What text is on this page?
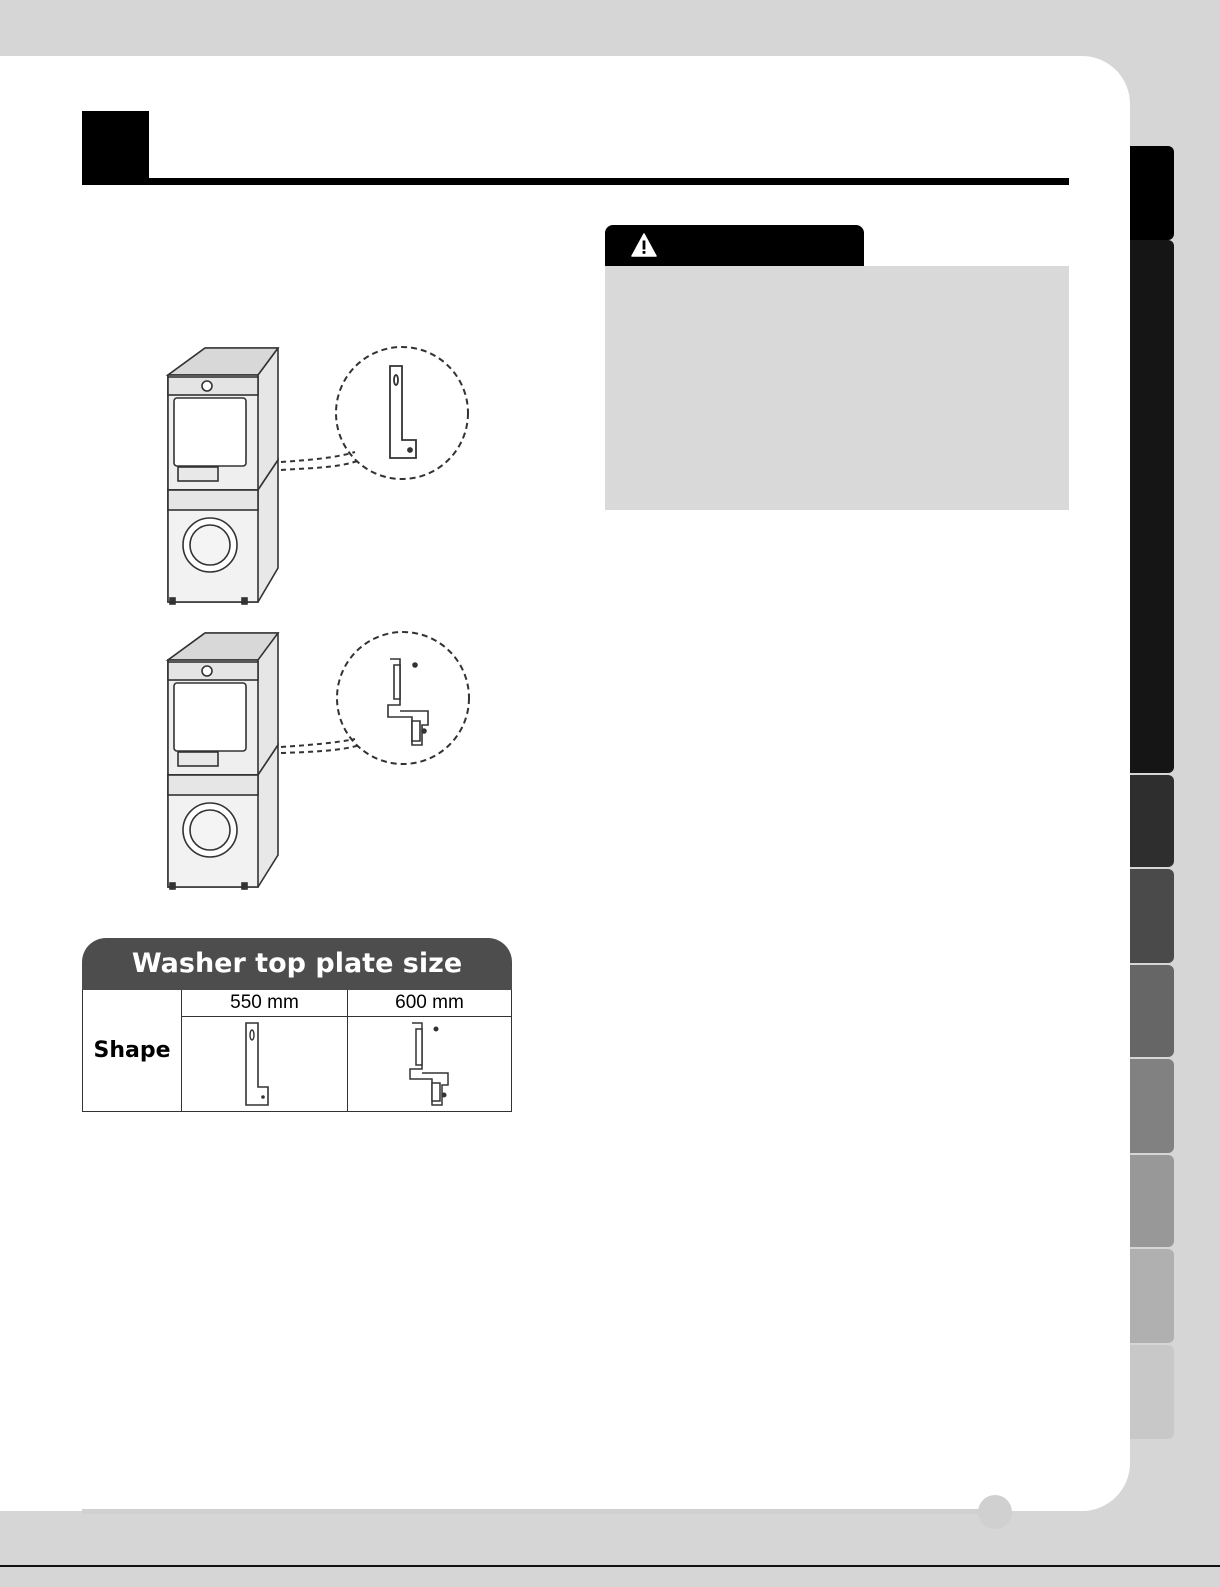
Washer top plate size
Shape
550 mm	600 mm
